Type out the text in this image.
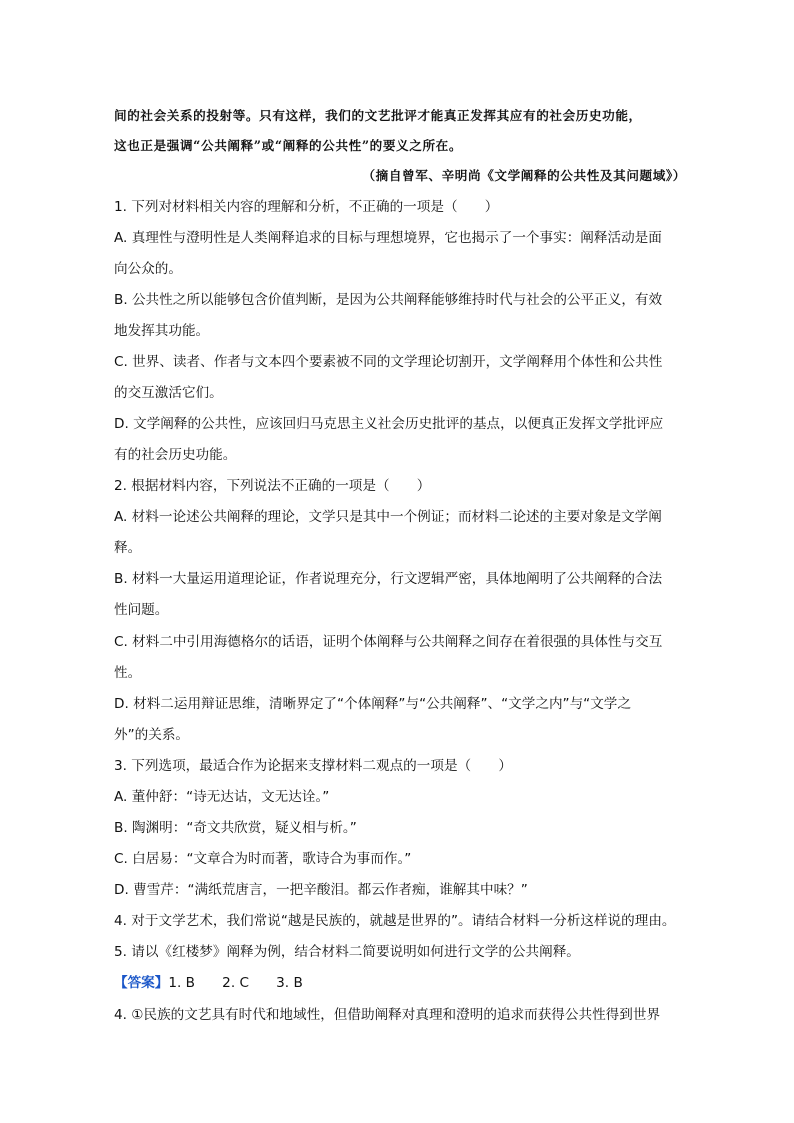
间的社会关系的投射等。只有这样，我们的文艺批评才能真正发挥其应有的社会历史功能，
这也正是强调“公共阐释”或“阐释的公共性”的要义之所在。
（摘自曾军、辛明尚《文学阐释的公共性及其问题域》）
1. 下列对材料相关内容的理解和分析，不正确的一项是（　　）
A. 真理性与澄明性是人类阐释追求的目标与理想境界，它也揭示了一个事实：阐释活动是面
向公众的。
B. 公共性之所以能够包含价值判断，是因为公共阐释能够维持时代与社会的公平正义，有效
地发挥其功能。
C. 世界、读者、作者与文本四个要素被不同的文学理论切割开，文学阐释用个体性和公共性
的交互激活它们。
D. 文学阐释的公共性，应该回归马克思主义社会历史批评的基点，以便真正发挥文学批评应
有的社会历史功能。
2. 根据材料内容，下列说法不正确的一项是（　　）
A. 材料一论述公共阐释的理论，文学只是其中一个例证；而材料二论述的主要对象是文学阐
释。
B. 材料一大量运用道理论证，作者说理充分，行文逻辑严密，具体地阐明了公共阐释的合法
性问题。
C. 材料二中引用海德格尔的话语，证明个体阐释与公共阐释之间存在着很强的具体性与交互
性。
D. 材料二运用辩证思维，清晰界定了“个体阐释”与“公共阐释”、“文学之内”与“文学之
外”的关系。
3. 下列选项，最适合作为论据来支撑材料二观点的一项是（　　）
A. 董仲舒：“诗无达诂，文无达诠。”
B. 陶渊明：“奇文共欣赏，疑义相与析。”
C. 白居易：“文章合为时而著，歌诗合为事而作。”
D. 曹雪芹：“满纸荒唐言，一把辛酸泪。都云作者痴，谁解其中味？”
4. 对于文学艺术，我们常说“越是民族的，就越是世界的”。请结合材料一分析这样说的理由。
5. 请以《红楼梦》阐释为例，结合材料二简要说明如何进行文学的公共阐释。
【答案】1. B　　2. C　　3. B
4. ①民族的文艺具有时代和地域性，但借助阐释对真理和澄明的追求而获得公共性得到世界
